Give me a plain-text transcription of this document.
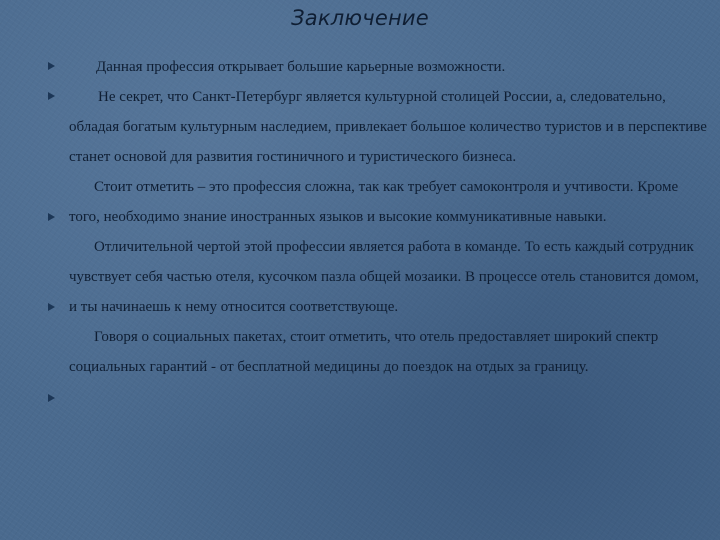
Заключение

Данная профессия открывает большие карьерные возможности.

Не секрет, что Санкт-Петербург является культурной столицей России, а, следовательно, обладая богатым культурным наследием, привлекает большое количество туристов и в перспективе станет основой для развития гостиничного и туристического бизнеса.

Стоит отметить – это профессия сложна, так как требует самоконтроля и учтивости. Кроме того, необходимо знание иностранных языков и высокие коммуникативные навыки.

Отличительной чертой этой профессии является работа в команде. То есть каждый сотрудник чувствует себя частью отеля, кусочком пазла общей мозаики. В процессе отель становится домом, и ты начинаешь к нему относится соответствующе.

Говоря о социальных пакетах, стоит отметить, что отель предоставляет широкий спектр социальных гарантий - от бесплатной медицины до поездок на отдых за границу.
